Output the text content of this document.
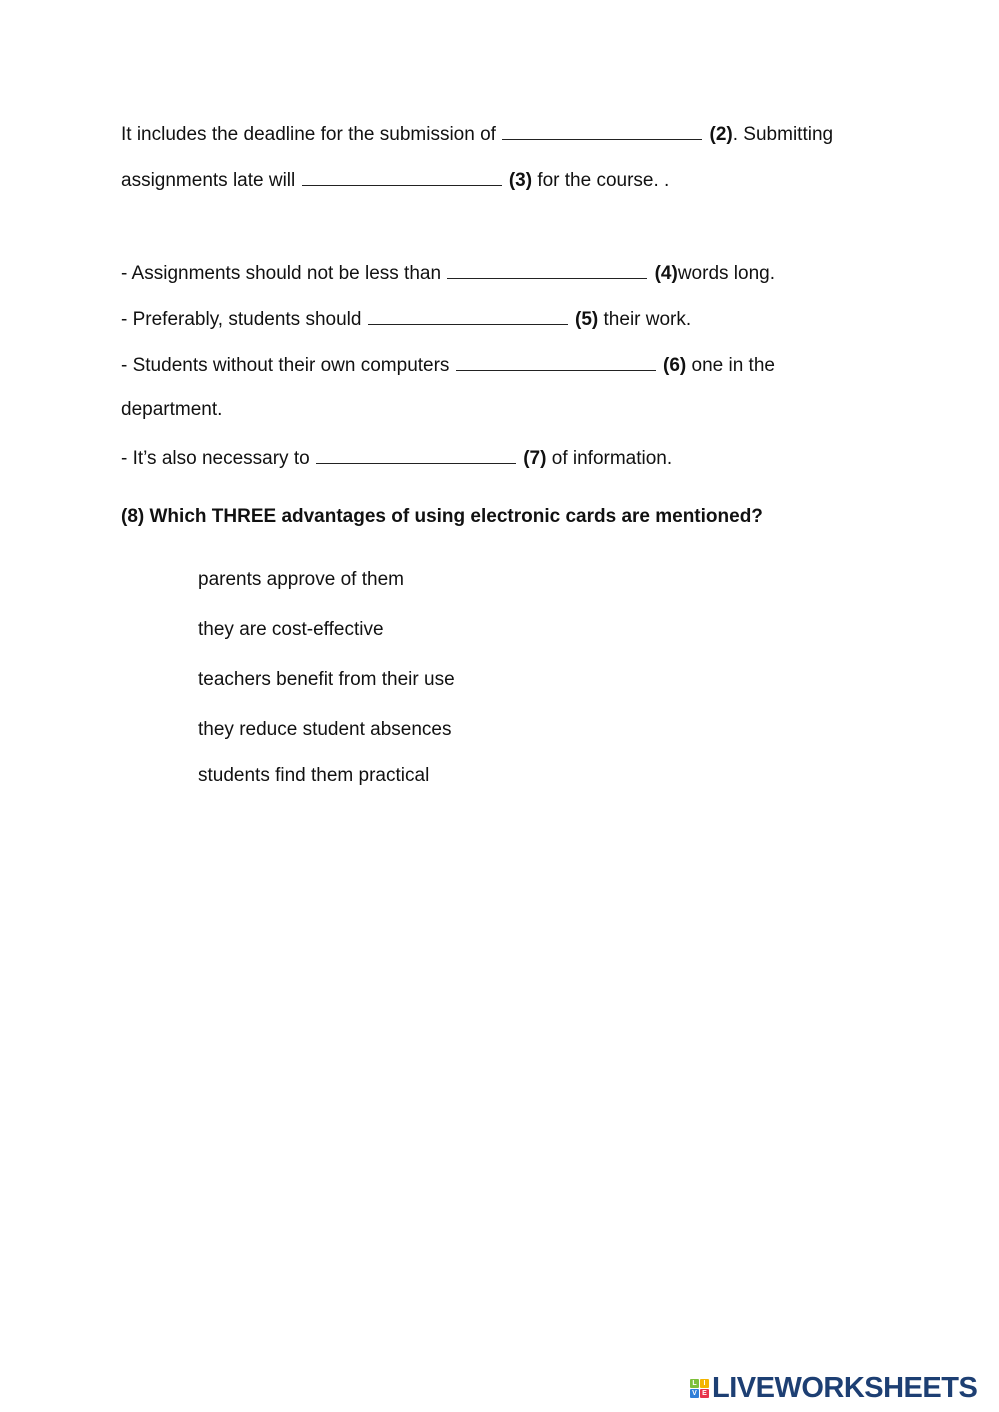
It includes the deadline for the submission of	(2). Submitting
assignments late will	(3) for the course. .
- Assignments should not be less than	(4)words long.
- Preferably, students should	(5) their work.
- Students without their own computers	(6) one in the
department.
- It’s also necessary to	(7) of information.
(8) Which THREE advantages of using electronic cards are mentioned?
parents approve of them
they are cost-effective
teachers benefit from their use
they reduce student absences
students find them practical
L I
V E LIVEWORKSHEETS
